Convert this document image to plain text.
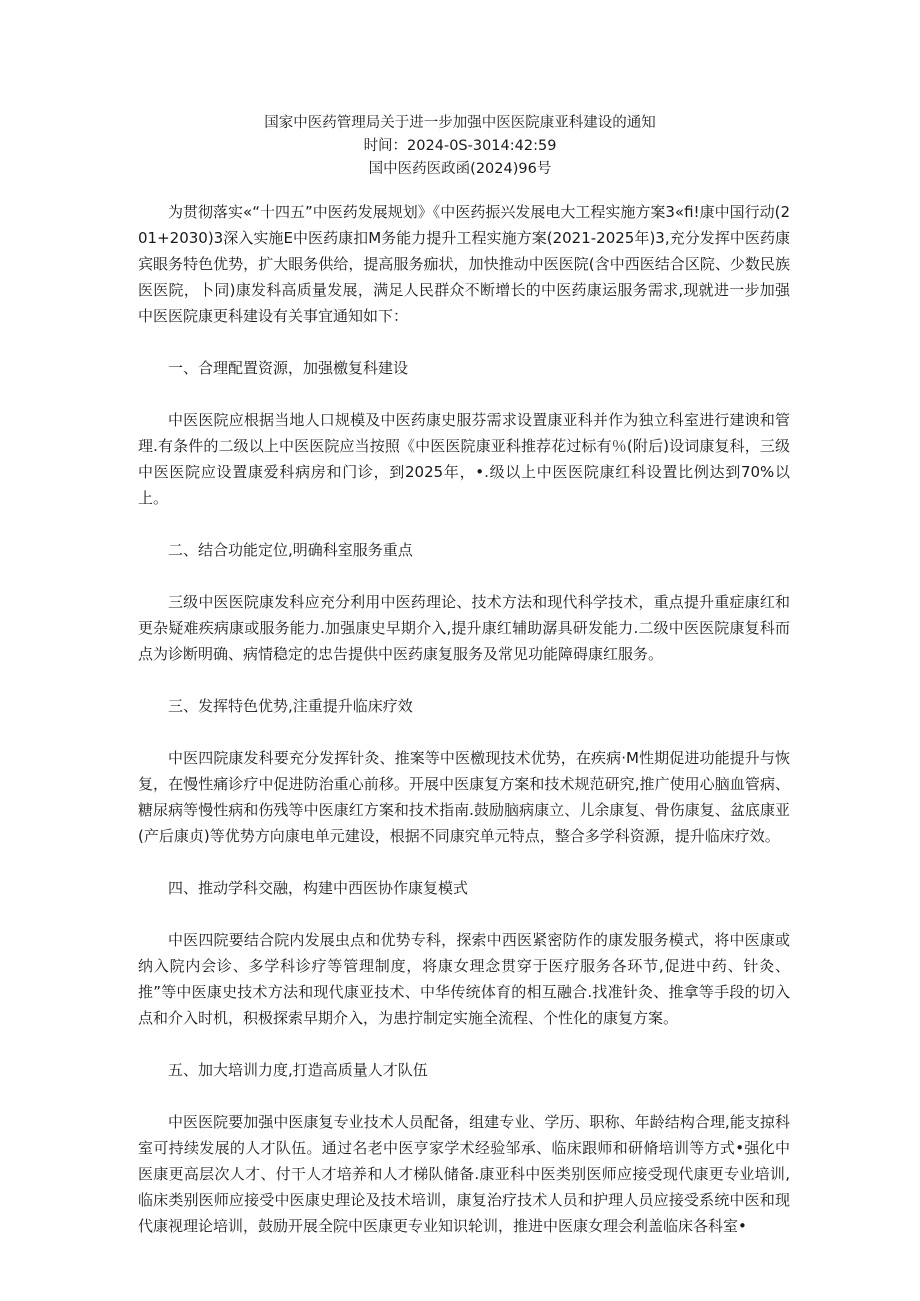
国家中医药管理局关于进一步加强中医医院康亚科建设的通知
时间：2024-0S-3014:42:59
国中医药医政函(2024)96号

为贯彻落实«“十四五”中医药发展规划》《中医药振兴发展电大工程实施方案3«fi!康中国行动(201+2030)3深入实施E中医药康扣M务能力提升工程实施方案(2021-2025年)3,充分发挥中医药康宾眼务特色优势，扩大眼务供给，提高服务痂状，加快推动中医医院(含中西医结合区院、少数民族医医院，卜同)康发科高质量发展，满足人民群众不断增长的中医药康运服务需求,现就进一步加强中医医院康更科建设有关事宜通知如下：

一、合理配置资源，加强檄复科建设

中医医院应根据当地人口规模及中医药康史服芬需求设置康亚科并作为独立科室进行建谀和管理.有条件的二级以上中医医院应当按照《中医医院康亚科推荐花过标有％(附后)设词康复科，三级中医医院应设置康爱科病房和门诊，到2025年，•.级以上中医医院康红科设置比例达到70%以上。

二、结合功能定位,明确科室服务重点

三级中医医院康发科应充分利用中医药理论、技术方法和现代科学技术，重点提升重症康红和更杂疑难疾病康或服务能力.加强康史早期介入,提升康红辅助潺具研发能力.二级中医医院康复科而点为诊断明确、病情稳定的忠告提供中医药康复服务及常见功能障碍康红服务。

三、发挥特色优势,注重提升临床疗效

中医四院康发科要充分发挥针灸、推案等中医檄现技术优势，在疾病·M性期促进功能提升与恢复，在慢性痛诊疗中促进防治重心前移。开展中医康复方案和技术规范研究,推广使用心脑血管病、糖尿病等慢性病和伤残等中医康红方案和技术指南.鼓励脑病康立、儿余康复、骨伤康复、盆底康亚(产后康贞)等优势方向康电单元建设，根据不同康究单元特点，整合多学科资源，提升临床疗效。

四、推动学科交融，构建中西医协作康复模式

中医四院要结合院内发展虫点和优势专科，探索中西医紧密防作的康发服务模式，将中医康或纳入院内会诊、多学科诊疗等管理制度，将康女理念贯穿于医疗服务各环节,促进中药、针灸、推”等中医康史技术方法和现代康亚技术、中华传统体育的相互融合.找准针灸、推拿等手段的切入点和介入时机，积极探索早期介入，为患拧制定实施全流程、个性化的康复方案。

五、加大培训力度,打造高质量人才队伍

中医医院要加强中医康复专业技术人员配备，组建专业、学历、职称、年龄结构合理,能支掠科室可持续发展的人才队伍。通过名老中医亨家学术经验邹承、临床跟师和研脩培训等方式•强化中医康更高层次人才、付干人才培养和人才梯队储备.康亚科中医类别医师应接受现代康更专业培训,临床类别医师应接受中医康史理论及技术培训，康复治疗技术人员和护理人员应接受系统中医和现代康视理论培训，鼓励开展全院中医康更专业知识轮训，推进中医康女理会利盖临床各科室•
